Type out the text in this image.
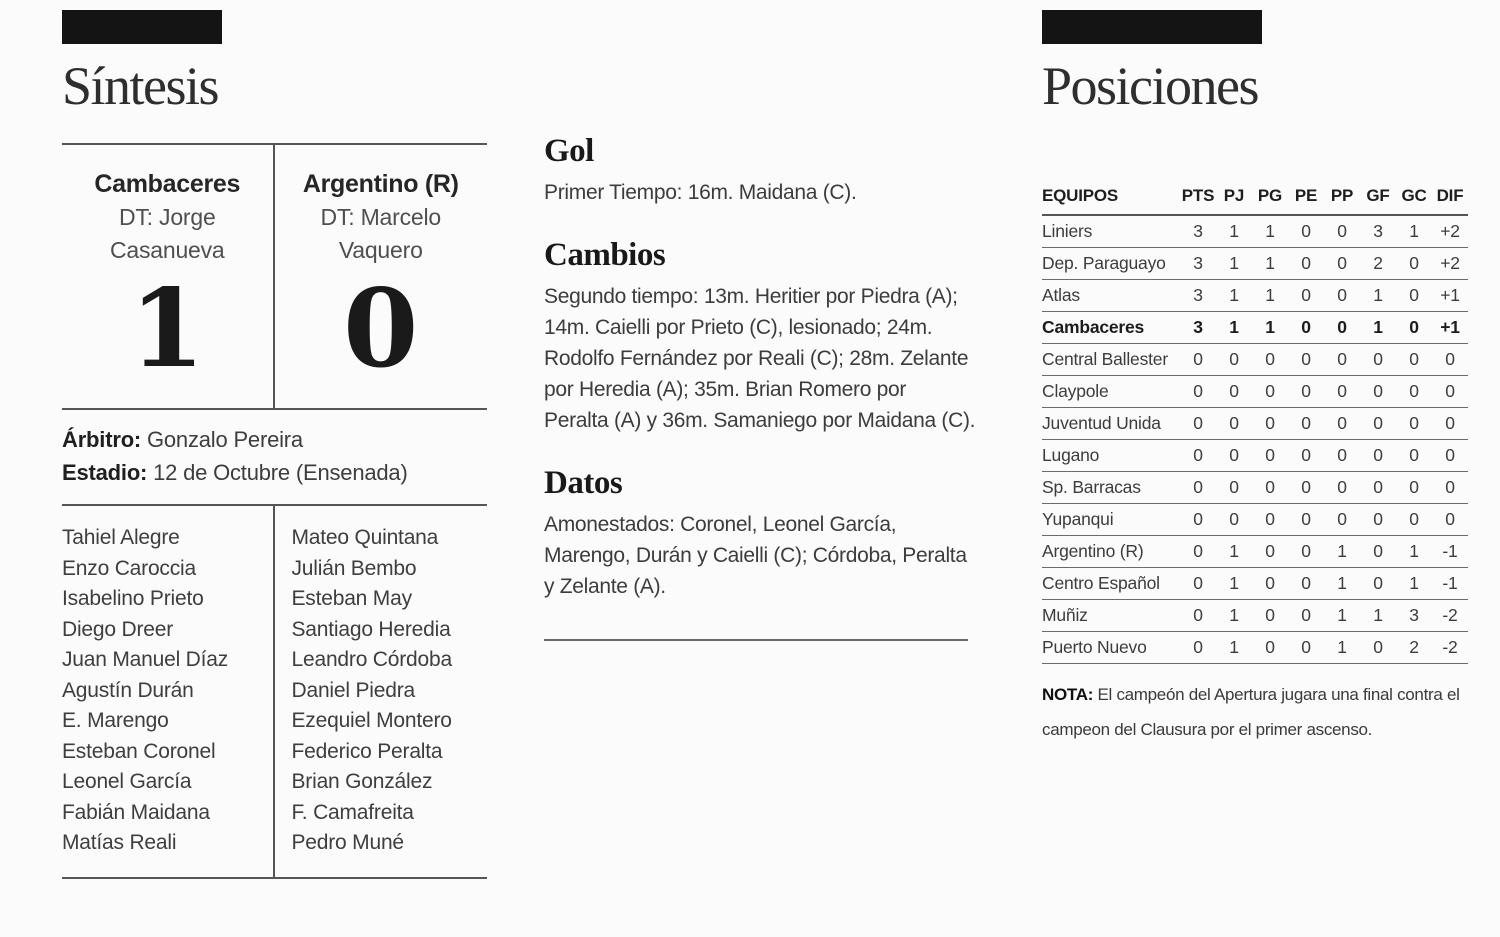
Síntesis
Cambaceres
DT: Jorge Casanueva
1
Argentino (R)
DT: Marcelo Vaquero
0
Árbitro: Gonzalo Pereira
Estadio: 12 de Octubre (Ensenada)
Tahiel Alegre
Enzo Caroccia
Isabelino Prieto
Diego Dreer
Juan Manuel Díaz
Agustín Durán
E. Marengo
Esteban Coronel
Leonel García
Fabián Maidana
Matías Reali
Mateo Quintana
Julián Bembo
Esteban May
Santiago Heredia
Leandro Córdoba
Daniel Piedra
Ezequiel Montero
Federico Peralta
Brian González
F. Camafreita
Pedro Muné
Gol

Primer Tiempo: 16m. Maidana (C).

Cambios

Segundo tiempo: 13m. Heritier por Piedra (A); 14m. Caielli por Prieto (C), lesionado; 24m. Rodolfo Fernández por Reali (C); 28m. Zelante por Heredia (A); 35m. Brian Romero por Peralta (A) y 36m. Samaniego por Maidana (C).

Datos

Amonestados: Coronel, Leonel García, Marengo, Durán y Caielli (C); Córdoba, Peralta y Zelante (A).

Posiciones
EQUIPOS	PTS	PJ	PG	PE	PP	GF	GC	DIF
Liniers	3	1	1	0	0	3	1	+2
Dep. Paraguayo	3	1	1	0	0	2	0	+2
Atlas	3	1	1	0	0	1	0	+1
Cambaceres	3	1	1	0	0	1	0	+1
Central Ballester	0	0	0	0	0	0	0	0
Claypole	0	0	0	0	0	0	0	0
Juventud Unida	0	0	0	0	0	0	0	0
Lugano	0	0	0	0	0	0	0	0
Sp. Barracas	0	0	0	0	0	0	0	0
Yupanqui	0	0	0	0	0	0	0	0
Argentino (R)	0	1	0	0	1	0	1	-1
Centro Español	0	1	0	0	1	0	1	-1
Muñiz	0	1	0	0	1	1	3	-2
Puerto Nuevo	0	1	0	0	1	0	2	-2
NOTA: El campeón del Apertura jugara una final contra el campeon del Clausura por el primer ascenso.
